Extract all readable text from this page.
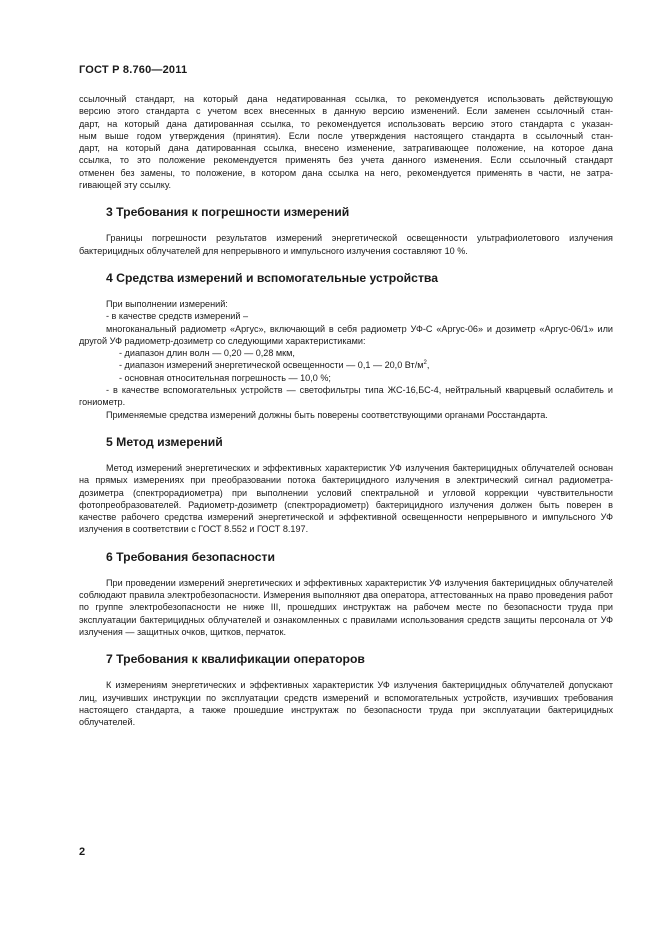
ГОСТ Р 8.760—2011

ссылочный стандарт, на который дана недатированная ссылка, то рекомендуется использовать действующую

версию этого стандарта с учетом всех внесенных в данную версию изменений. Если заменен ссылочный стан-

дарт, на который дана датированная ссылка, то рекомендуется использовать версию этого стандарта с указан-

ным выше годом утверждения (принятия). Если после утверждения настоящего стандарта в ссылочный стан-

дарт, на который дана датированная ссылка, внесено изменение, затрагивающее положение, на которое дана

ссылка, то это положение рекомендуется применять без учета данного изменения. Если ссылочный стандарт

отменен без замены, то положение, в котором дана ссылка на него, рекомендуется применять в части, не затра-

гивающей эту ссылку.

3 Требования к погрешности измерений

Границы погрешности результатов измерений энергетической освещенности ультрафиолетового излучения бактерицидных облучателей для непрерывного и импульсного излучения составляют 10 %.

4 Средства измерений и вспомогательные устройства

При выполнении измерений:

- в качестве средств измерений –

многоканальный радиометр «Аргус», включающий в себя радиометр УФ-С «Аргус-06» и дозиметр «Аргус-06/1» или другой УФ радиометр-дозиметр со следующими характеристиками:

- диапазон длин волн — 0,20 — 0,28 мкм,

- диапазон измерений энергетической освещенности — 0,1 — 20,0 $Вт/м^2$,

- основная относительная погрешность — 10,0 %;

- в качестве вспомогательных устройств — светофильтры типа ЖС-16,БС-4, нейтральный кварцевый ослабитель и гониометр.

Применяемые средства измерений должны быть поверены соответствующими органами Росстандарта.

5 Метод измерений

Метод измерений энергетических и эффективных характеристик УФ излучения бактерицидных облучателей основан на прямых измерениях при преобразовании потока бактерицидного излучения в электрический сигнал радиометра-дозиметра (спектрорадиометра) при выполнении условий спектральной и угловой коррекции чувствительности фотопреобразователей. Радиометр-дозиметр (спектрорадиометр) бактерицидного излучения должен быть поверен в качестве рабочего средства измерений энергетической и эффективной освещенности непрерывного и импульсного УФ излучения в соответствии с ГОСТ 8.552 и ГОСТ 8.197.

6 Требования безопасности

При проведении измерений энергетических и эффективных характеристик УФ излучения бактерицидных облучателей соблюдают правила электробезопасности. Измерения выполняют два оператора, аттестованных на право проведения работ по группе электробезопасности не ниже III, прошедших инструктаж на рабочем месте по безопасности труда при эксплуатации бактерицидных облучателей и ознакомленных с правилами использования средств защиты персонала от УФ излучения — защитных очков, щитков, перчаток.

7 Требования к квалификации операторов

К измерениям энергетических и эффективных характеристик УФ излучения бактерицидных облучателей допускают лиц, изучивших инструкции по эксплуатации средств измерений и вспомогательных устройств, изучивших требования настоящего стандарта, а также прошедшие инструктаж по безопасности труда при эксплуатации бактерицидных облучателей.

2
